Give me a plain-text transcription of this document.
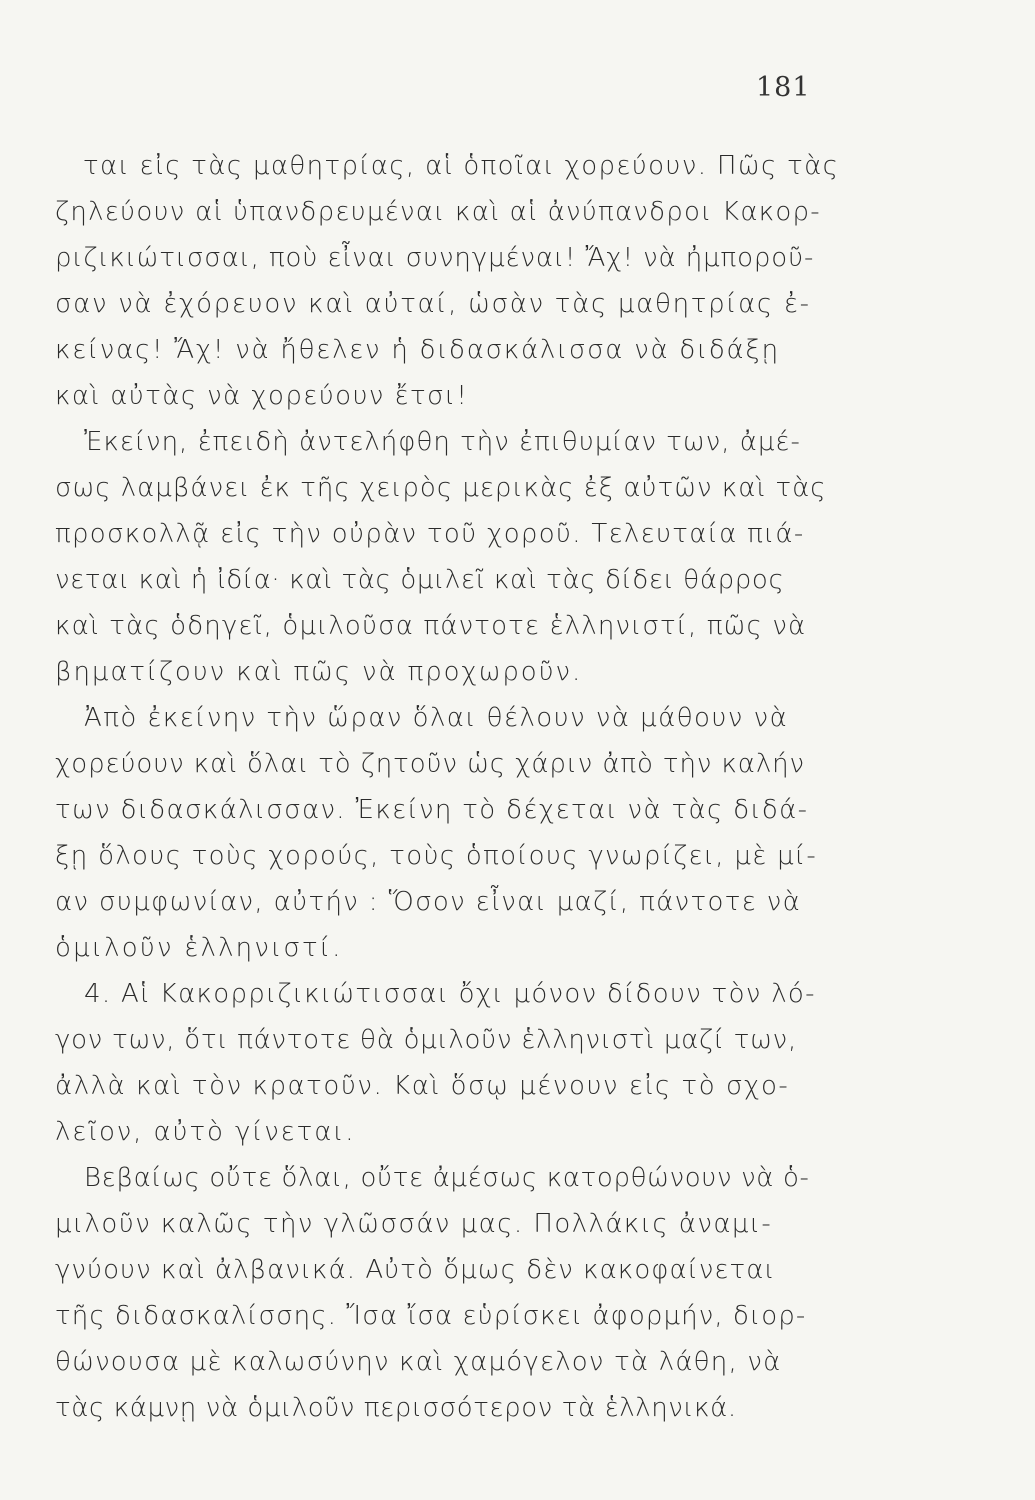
181
ται εἰς τὰς μαθητρίας, αἱ ὁποῖαι χορεύουν. Πῶς τὰς
ζηλεύουν αἱ ὑπανδρευμέναι καὶ αἱ ἀνύπανδροι Κακορ-
ριζικιώτισσαι, ποὺ εἶναι συνηγμέναι! Ἄχ! νὰ ἠμποροῦ-
σαν νὰ ἐχόρευον καὶ αὐταί, ὡσὰν τὰς μαθητρίας ἐ-
κείνας! Ἄχ! νὰ ἤθελεν ἡ διδασκάλισσα νὰ διδάξῃ
καὶ αὐτὰς νὰ χορεύουν ἔτσι!
Ἐκείνη, ἐπειδὴ ἀντελήφθη τὴν ἐπιθυμίαν των, ἀμέ-
σως λαμβάνει ἐκ τῆς χειρὸς μερικὰς ἐξ αὐτῶν καὶ τὰς
προσκολλᾷ εἰς τὴν οὐρὰν τοῦ χοροῦ. Τελευταία πιά-
νεται καὶ ἡ ἰδία· καὶ τὰς ὁμιλεῖ καὶ τὰς δίδει θάρρος
καὶ τὰς ὁδηγεῖ, ὁμιλοῦσα πάντοτε ἑλληνιστί, πῶς νὰ
βηματίζουν καὶ πῶς νὰ προχωροῦν.
Ἀπὸ ἐκείνην τὴν ὥραν ὅλαι θέλουν νὰ μάθουν νὰ
χορεύουν καὶ ὅλαι τὸ ζητοῦν ὡς χάριν ἀπὸ τὴν καλήν
των διδασκάλισσαν. Ἐκείνη τὸ δέχεται νὰ τὰς διδά-
ξῃ ὅλους τοὺς χορούς, τοὺς ὁποίους γνωρίζει, μὲ μί-
αν συμφωνίαν, αὐτήν : Ὅσον εἶναι μαζί, πάντοτε νὰ
ὁμιλοῦν ἑλληνιστί.
4. Αἱ Κακορριζικιώτισσαι ὄχι μόνον δίδουν τὸν λό-
γον των, ὅτι πάντοτε θὰ ὁμιλοῦν ἑλληνιστὶ μαζί των,
ἀλλὰ καὶ τὸν κρατοῦν. Καὶ ὅσῳ μένουν εἰς τὸ σχο-
λεῖον, αὐτὸ γίνεται.
Βεβαίως οὔτε ὅλαι, οὔτε ἀμέσως κατορθώνουν νὰ ὁ-
μιλοῦν καλῶς τὴν γλῶσσάν μας. Πολλάκις ἀναμι-
γνύουν καὶ ἀλβανικά. Αὐτὸ ὅμως δὲν κακοφαίνεται
τῆς διδασκαλίσσης. Ἴσα ἴσα εὑρίσκει ἀφορμήν, διορ-
θώνουσα μὲ καλωσύνην καὶ χαμόγελον τὰ λάθη, νὰ
τὰς κάμνῃ νὰ ὁμιλοῦν περισσότερον τὰ ἑλληνικά.
